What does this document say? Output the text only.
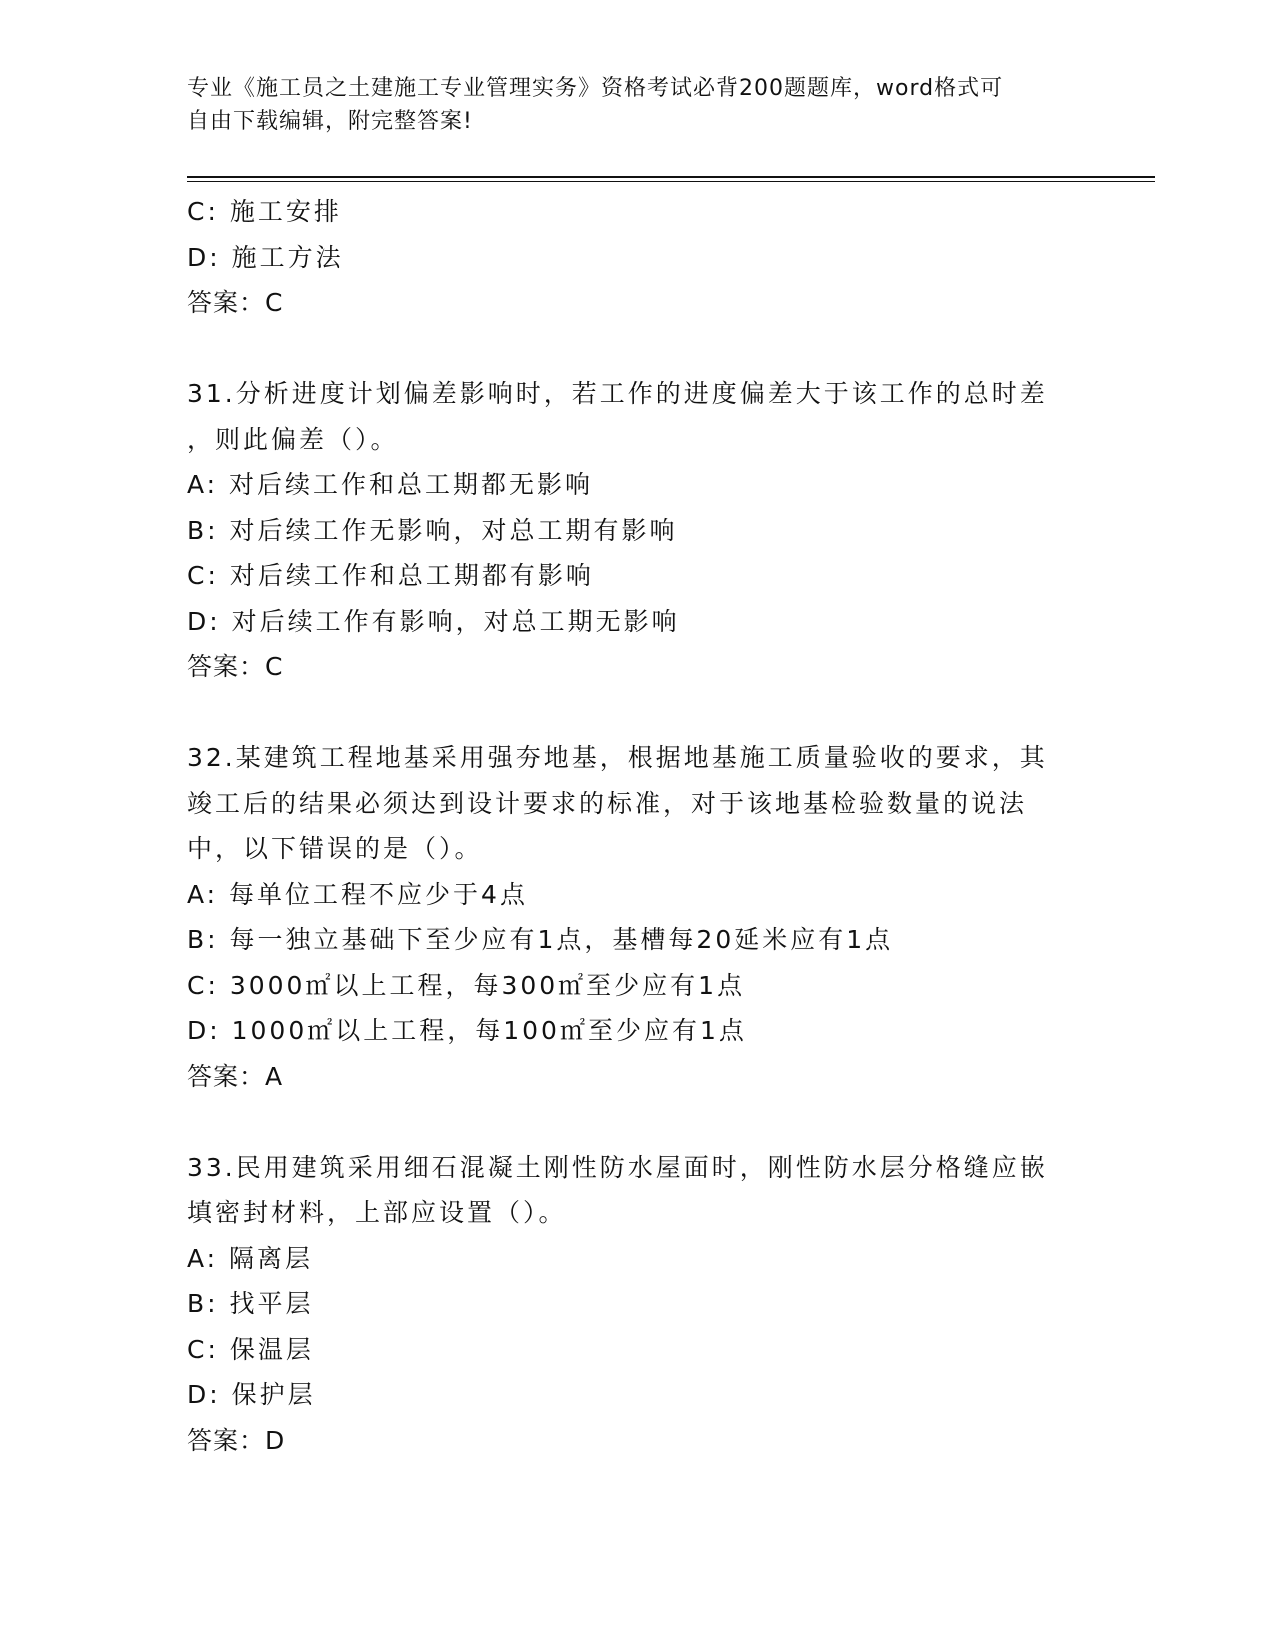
专业《施工员之土建施工专业管理实务》资格考试必背200题题库，word格式可
自由下载编辑，附完整答案!
C: 施工安排
D: 施工方法
答案：C
31.分析进度计划偏差影响时，若工作的进度偏差大于该工作的总时差
，则此偏差（）。
A: 对后续工作和总工期都无影响
B: 对后续工作无影响，对总工期有影响
C: 对后续工作和总工期都有影响
D: 对后续工作有影响，对总工期无影响
答案：C
32.某建筑工程地基采用强夯地基，根据地基施工质量验收的要求，其
竣工后的结果必须达到设计要求的标准，对于该地基检验数量的说法
中，以下错误的是（）。
A: 每单位工程不应少于4点
B: 每一独立基础下至少应有1点，基槽每20延米应有1点
C: 3000㎡以上工程，每300㎡至少应有1点
D: 1000㎡以上工程，每100㎡至少应有1点
答案：A
33.民用建筑采用细石混凝土刚性防水屋面时，刚性防水层分格缝应嵌
填密封材料，上部应设置（）。
A: 隔离层
B: 找平层
C: 保温层
D: 保护层
答案：D
